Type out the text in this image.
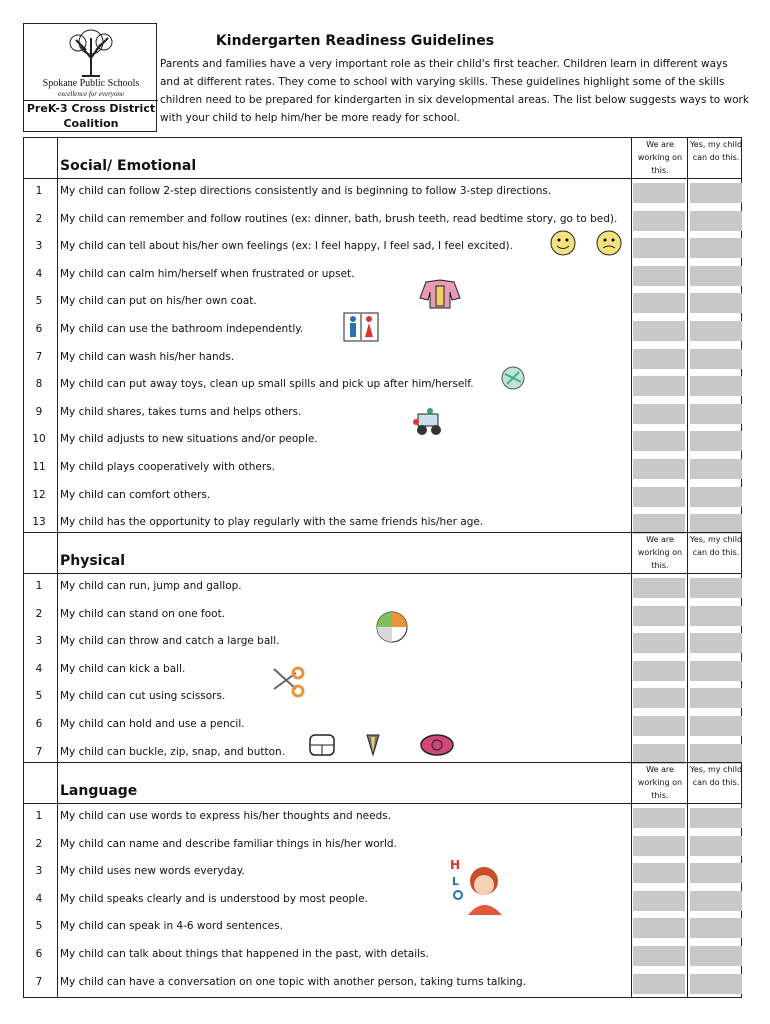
Spokane Public Schools
excellence for everyone
PreK-3 Cross District Coalition
Kindergarten Readiness Guidelines
Parents and families have a very important role as their child's first teacher. Children learn in different ways and at different rates. They come to school with varying skills. These guidelines highlight some of the skills children need to be prepared for kindergarten in six developmental areas. The list below suggests ways to work with your child to help him/her be more ready for school.
Social/ Emotional
We are working on this.
Yes, my child can do this.
1	My child can follow 2-step directions consistently and is beginning to follow 3-step directions.
2	My child can remember and follow routines (ex: dinner, bath, brush teeth, read bedtime story, go to bed).
3	My child can tell about his/her own feelings (ex: I feel happy, I feel sad, I feel excited).
4	My child can calm him/herself when frustrated or upset.
5	My child can put on his/her own coat.
6	My child can use the bathroom independently.
7	My child can wash his/her hands.
8	My child can put away toys, clean up small spills and pick up after him/herself.
9	My child shares, takes turns and helps others.
10	My child adjusts to new situations and/or people.
11	My child plays cooperatively with others.
12	My child can comfort others.
13	My child has the opportunity to play regularly with the same friends his/her age.
Physical
We are working on this.
Yes, my child can do this.
1	My child can run, jump and gallop.
2	My child can stand on one foot.
3	My child can throw and catch a large ball.
4	My child can kick a ball.
5	My child can cut using scissors.
6	My child can hold and use a pencil.
7	My child can buckle, zip, snap, and button.
Language
We are working on this.
Yes, my child can do this.
1	My child can use words to express his/her thoughts and needs.
2	My child can name and describe familiar things in his/her world.
3	My child uses new words everyday.
4	My child speaks clearly and is understood by most people.
5	My child can speak in 4-6 word sentences.
6	My child can talk about things that happened in the past, with details.
7	My child can have a conversation on one topic with another person, taking turns talking.
H
L
